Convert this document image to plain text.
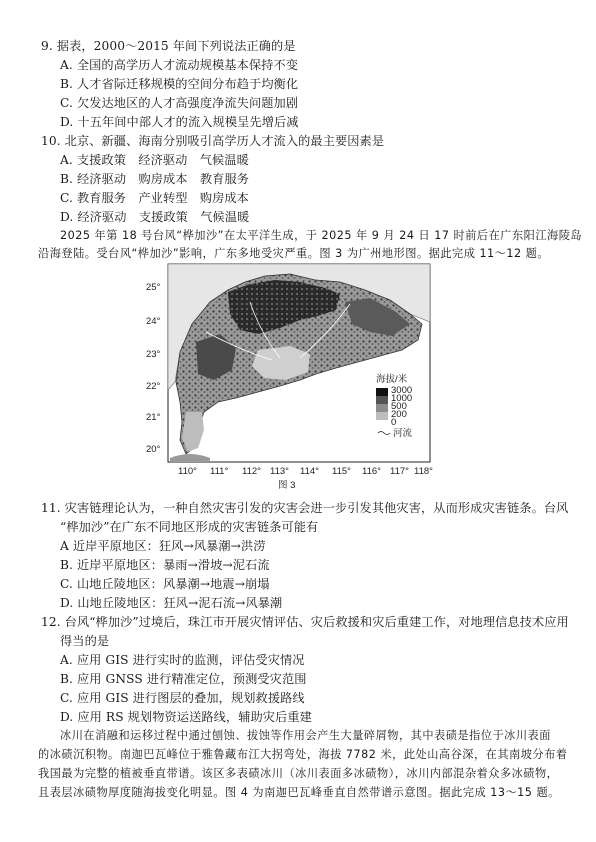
9. 据表，2000～2015 年间下列说法正确的是
A. 全国的高学历人才流动规模基本保持不变
B. 人才省际迁移规模的空间分布趋于均衡化
C. 欠发达地区的人才高强度净流失问题加剧
D. 十五年间中部人才的流入规模呈先增后减
10. 北京、新疆、海南分别吸引高学历人才流入的最主要因素是
A. 支援政策　经济驱动　气候温暖
B. 经济驱动　购房成本　教育服务
C. 教育服务　产业转型　购房成本
D. 经济驱动　支援政策　气候温暖
2025 年第 18 号台风“桦加沙”在太平洋生成，于 2025 年 9 月 24 日 17 时前后在广东阳江海陵岛
沿海登陆。受台风“桦加沙”影响，广东多地受灾严重。图 3 为广州地形图。据此完成 11～12 题。
海拔/米
3000
1000
500
200
0
河流
25°
24°
23°
22°
21°
20°
110° 111° 112° 113° 114° 115° 116° 117° 118°
图 3
11. 灾害链理论认为，一种自然灾害引发的灾害会进一步引发其他灾害，从而形成灾害链条。台风
“桦加沙”在广东不同地区形成的灾害链条可能有
A 近岸平原地区：狂风→风暴潮→洪涝
B. 近岸平原地区：暴雨→滑坡→泥石流
C. 山地丘陵地区：风暴潮→地震→崩塌
D. 山地丘陵地区：狂风→泥石流→风暴潮
12. 台风“桦加沙”过境后，珠江市开展灾情评估、灾后救援和灾后重建工作，对地理信息技术应用
得当的是
A. 应用 GIS 进行实时的监测，评估受灾情况
B. 应用 GNSS 进行精准定位，预测受灾范围
C. 应用 GIS 进行图层的叠加，规划救援路线
D. 应用 RS 规划物资运送路线，辅助灾后重建
冰川在消融和运移过程中通过刨蚀、拔蚀等作用会产生大量碎屑物，其中表碛是指位于冰川表面
的冰碛沉积物。南迦巴瓦峰位于雅鲁藏布江大拐弯处，海拔 7782 米，此处山高谷深，在其南坡分布着
我国最为完整的植被垂直带谱。该区多表碛冰川（冰川表面多冰碛物），冰川内部混杂着众多冰碛物，
且表层冰碛物厚度随海拔变化明显。图 4 为南迦巴瓦峰垂直自然带谱示意图。据此完成 13～15 题。
